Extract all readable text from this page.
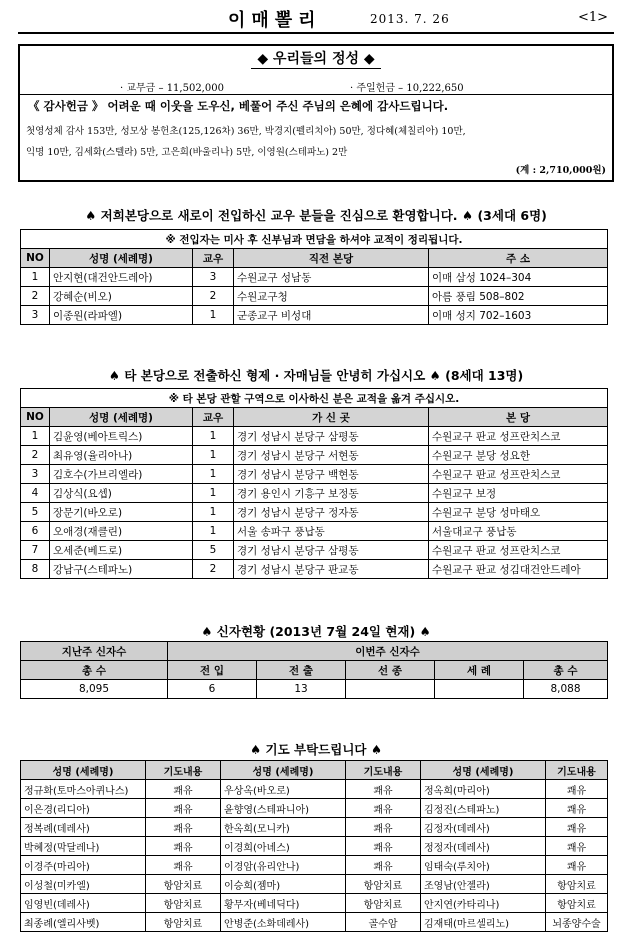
이매뽈리	2013. 7. 26	<1>
◆ 우리들의 정성 ◆
· 교무금 – 11,502,000	· 주일헌금 – 10,222,650
《 감사헌금 》 어려운 때 이웃을 도우신, 베풀어 주신 주님의 은혜에 감사드립니다.
첫영성체 감사 153만, 성모상 봉헌초(125,126차) 36만, 박경지(펠리치아) 50만, 정다혜(체칠리아) 10만,
익명 10만, 김세화(스텔라) 5만, 고은희(바울리나) 5만, 이영원(스테파노) 2만
(계 : 2,710,000원)
♠ 저희본당으로 새로이 전입하신 교우 분들을 진심으로 환영합니다. ♠ (3세대 6명)
※ 전입자는 미사 후 신부님과 면담을 하셔야 교적이 정리됩니다.				
NO	성명 (세례명)	교우	직전 본당	주 소
1	안지현(대건안드레아)	3	수원교구 성남동	이매 삼성 1024–304
2	강혜순(비오)	2	수원교구청	아름 풍림 508–802
3	이종원(라파엘)	1	군종교구 비성대	이매 성지 702–1603
♠ 타 본당으로 전출하신 형제 · 자매님들 안녕히 가십시오 ♠ (8세대 13명)
※ 타 본당 관할 구역으로 이사하신 분은 교적을 옮겨 주십시오.				
NO	성명 (세례명)	교우	가 신 곳	본 당
1	김윤영(베아트릭스)	1	경기 성남시 분당구 삼평동	수원교구 판교 성프란치스코
2	최유영(율리아나)	1	경기 성남시 분당구 서현동	수원교구 분당 성요한
3	김호수(가브리엘라)	1	경기 성남시 분당구 백현동	수원교구 판교 성프란치스코
4	김상식(요셉)	1	경기 용인시 기흥구 보정동	수원교구 보정
5	장문기(바오로)	1	경기 성남시 분당구 정자동	수원교구 분당 성마태오
6	오애경(재클린)	1	서울 송파구 풍납동	서울대교구 풍납동
7	오세준(베드로)	5	경기 성남시 분당구 삼평동	수원교구 판교 성프란치스코
8	강남구(스테파노)	2	경기 성남시 분당구 판교동	수원교구 판교 성김대건안드레아
♠ 신자현황 (2013년 7월 24일 현재) ♠
지난주 신자수	이번주 신자수				
총 수	전 입	전 출	선 종	세 례	총 수
8,095	6	13			8,088
♠ 기도 부탁드립니다 ♠
성명 (세례명)	기도내용	성명 (세례명)	기도내용	성명 (세례명)	기도내용
정규화(토마스아퀴나스)	쾌유	우상옥(바오로)	쾌유	정옥희(마리아)	쾌유
이은경(리디아)	쾌유	윤향영(스테파니아)	쾌유	김정진(스테파노)	쾌유
정복례(데레사)	쾌유	한옥희(모니카)	쾌유	김정자(데레사)	쾌유
박혜정(막달레나)	쾌유	이경희(아녜스)	쾌유	정정자(데레사)	쾌유
이경주(마리아)	쾌유	이경암(유리안나)	쾌유	임태숙(루치아)	쾌유
이성철(미카엘)	항암치료	이승희(젬마)	항암치료	조영남(안젤라)	항암치료
임영빈(데레사)	항암치료	황무자(베네딕다)	항암치료	안지연(카타리나)	항암치료
최종례(엘리사벳)	항암치료	안병준(소화데레사)	골수암	김재태(마르셀리노)	뇌종양수술
